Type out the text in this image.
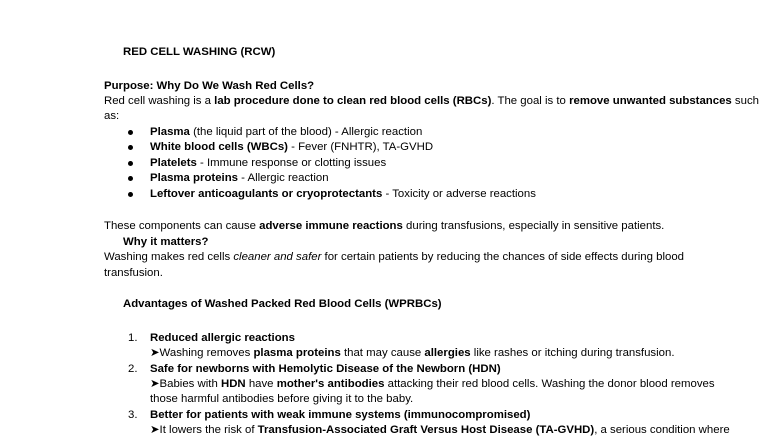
RED CELL WASHING (RCW)
Purpose: Why Do We Wash Red Cells?
Red cell washing is a lab procedure done to clean red blood cells (RBCs). The goal is to remove unwanted substances such
as:
Plasma (the liquid part of the blood) - Allergic reaction
White blood cells (WBCs) - Fever (FNHTR), TA-GVHD
Platelets - Immune response or clotting issues
Plasma proteins - Allergic reaction
Leftover anticoagulants or cryoprotectants - Toxicity or adverse reactions
These components can cause adverse immune reactions during transfusions, especially in sensitive patients.
Why it matters?
Washing makes red cells cleaner and safer for certain patients by reducing the chances of side effects during blood
transfusion.
Advantages of Washed Packed Red Blood Cells (WPRBCs)
1. Reduced allergic reactions
➤Washing removes plasma proteins that may cause allergies like rashes or itching during transfusion.
2. Safe for newborns with Hemolytic Disease of the Newborn (HDN)
➤Babies with HDN have mother's antibodies attacking their red blood cells. Washing the donor blood removes
those harmful antibodies before giving it to the baby.
3. Better for patients with weak immune systems (immunocompromised)
➤It lowers the risk of Transfusion-Associated Graft Versus Host Disease (TA-GVHD), a serious condition where
